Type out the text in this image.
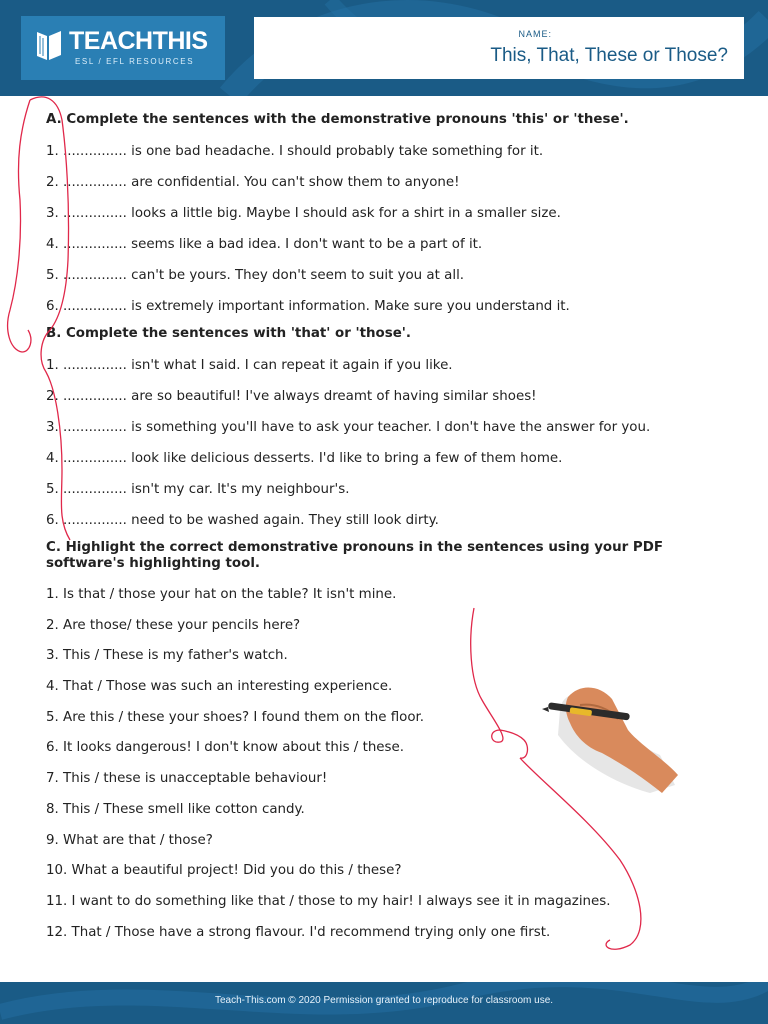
TEACHTHIS
ESL / EFL RESOURCES
NAME:
This, That, These or Those?
A. Complete the sentences with the demonstrative pronouns 'this' or 'these'.
1. ............... is one bad headache. I should probably take something for it.
2. ............... are confidential. You can't show them to anyone!
3. ............... looks a little big. Maybe I should ask for a shirt in a smaller size.
4. ............... seems like a bad idea. I don't want to be a part of it.
5. ............... can't be yours. They don't seem to suit you at all.
6. ............... is extremely important information. Make sure you understand it.
B. Complete the sentences with 'that' or 'those'.
1. ............... isn't what I said. I can repeat it again if you like.
2. ............... are so beautiful! I've always dreamt of having similar shoes!
3. ............... is something you'll have to ask your teacher. I don't have the answer for you.
4. ............... look like delicious desserts. I'd like to bring a few of them home.
5. ............... isn't my car. It's my neighbour's.
6. ............... need to be washed again. They still look dirty.
C. Highlight the correct demonstrative pronouns in the sentences using your PDF software's highlighting tool.
1. Is that / those your hat on the table? It isn't mine.
2. Are those/ these your pencils here?
3. This / These is my father's watch.
4. That / Those was such an interesting experience.
5. Are this / these your shoes? I found them on the floor.
6. It looks dangerous! I don't know about this / these.
7. This / these is unacceptable behaviour!
8. This / These smell like cotton candy.
9. What are that / those?
10. What a beautiful project! Did you do this / these?
11. I want to do something like that / those to my hair! I always see it in magazines.
12. That / Those have a strong flavour. I'd recommend trying only one first.
Teach-This.com © 2020 Permission granted to reproduce for classroom use.
